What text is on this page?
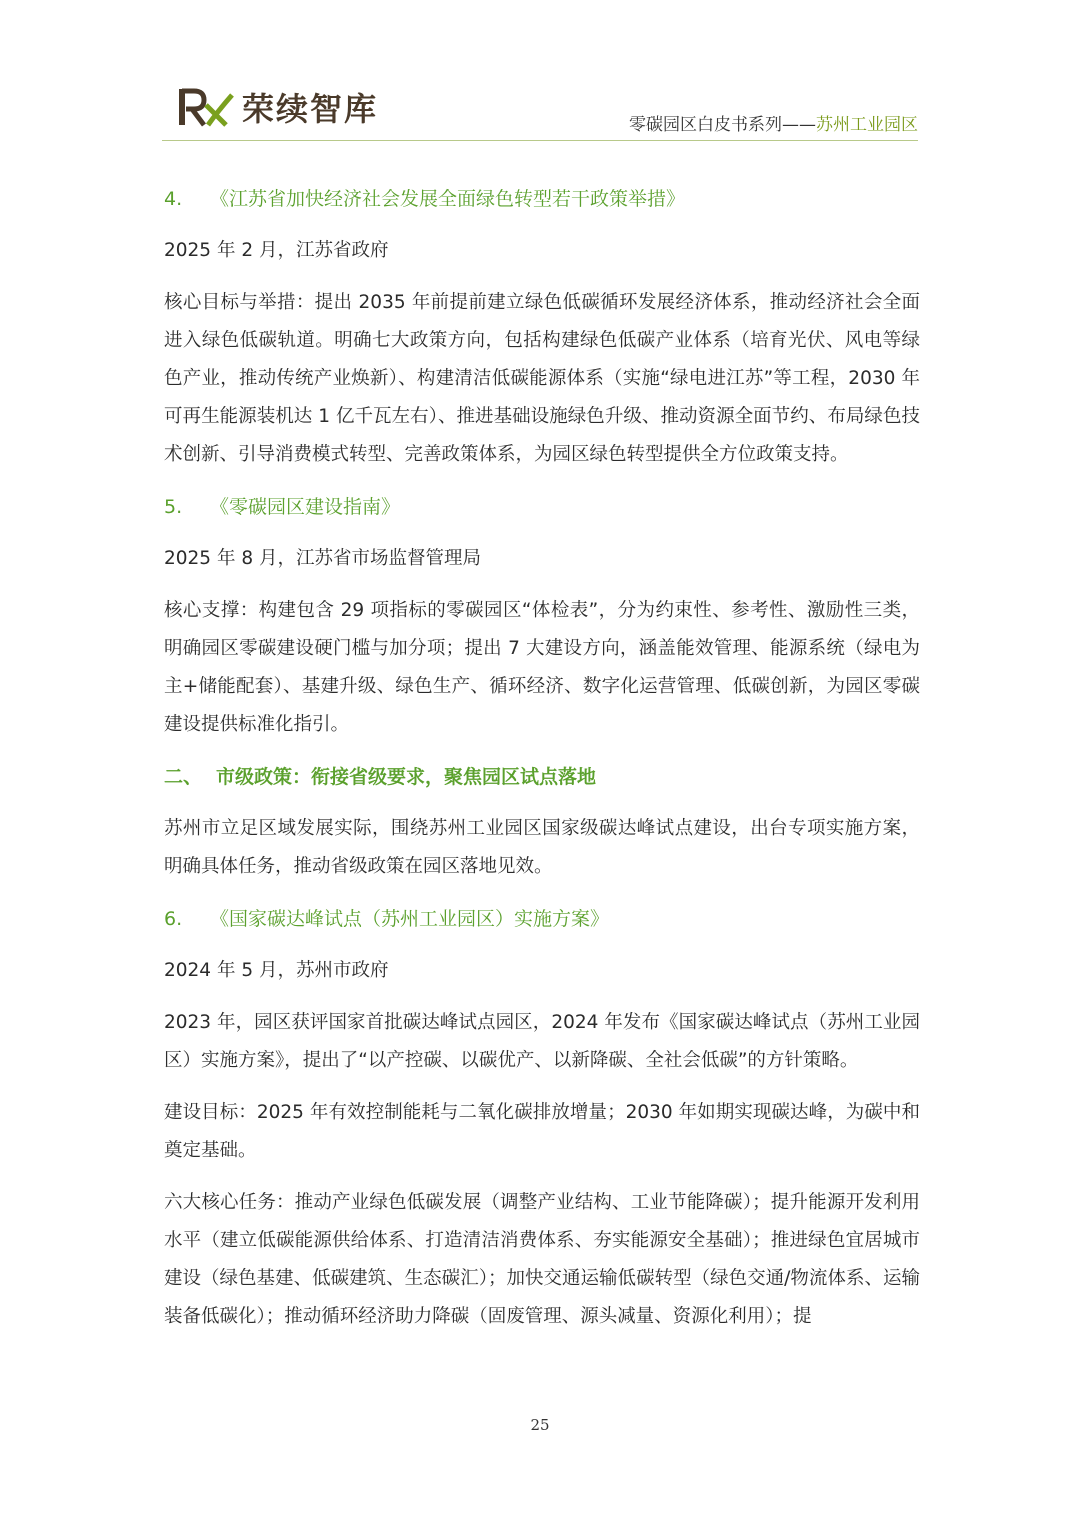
荣续智库	零碳园区白皮书系列——苏州工业园区
4. 《江苏省加快经济社会发展全面绿色转型若干政策举措》
2025 年 2 月，江苏省政府
核心目标与举措：提出 2035 年前提前建立绿色低碳循环发展经济体系，推动经济社会全面进入绿色低碳轨道。明确七大政策方向，包括构建绿色低碳产业体系（培育光伏、风电等绿色产业，推动传统产业焕新）、构建清洁低碳能源体系（实施“绿电进江苏”等工程，2030 年可再生能源装机达 1 亿千瓦左右）、推进基础设施绿色升级、推动资源全面节约、布局绿色技术创新、引导消费模式转型、完善政策体系，为园区绿色转型提供全方位政策支持。
5. 《零碳园区建设指南》
2025 年 8 月，江苏省市场监督管理局
核心支撑：构建包含 29 项指标的零碳园区“体检表”，分为约束性、参考性、激励性三类，明确园区零碳建设硬门槛与加分项；提出 7 大建设方向，涵盖能效管理、能源系统（绿电为主+储能配套）、基建升级、绿色生产、循环经济、数字化运营管理、低碳创新，为园区零碳建设提供标准化指引。
二、 市级政策：衔接省级要求，聚焦园区试点落地
苏州市立足区域发展实际，围绕苏州工业园区国家级碳达峰试点建设，出台专项实施方案，明确具体任务，推动省级政策在园区落地见效。
6. 《国家碳达峰试点（苏州工业园区）实施方案》
2024 年 5 月，苏州市政府
2023 年，园区获评国家首批碳达峰试点园区，2024 年发布《国家碳达峰试点（苏州工业园区）实施方案》，提出了“以产控碳、以碳优产、以新降碳、全社会低碳”的方针策略。
建设目标：2025 年有效控制能耗与二氧化碳排放增量；2030 年如期实现碳达峰，为碳中和奠定基础。
六大核心任务：推动产业绿色低碳发展（调整产业结构、工业节能降碳）；提升能源开发利用水平（建立低碳能源供给体系、打造清洁消费体系、夯实能源安全基础）；推进绿色宜居城市建设（绿色基建、低碳建筑、生态碳汇）；加快交通运输低碳转型（绿色交通/物流体系、运输装备低碳化）；推动循环经济助力降碳（固废管理、源头减量、资源化利用）；提
25
